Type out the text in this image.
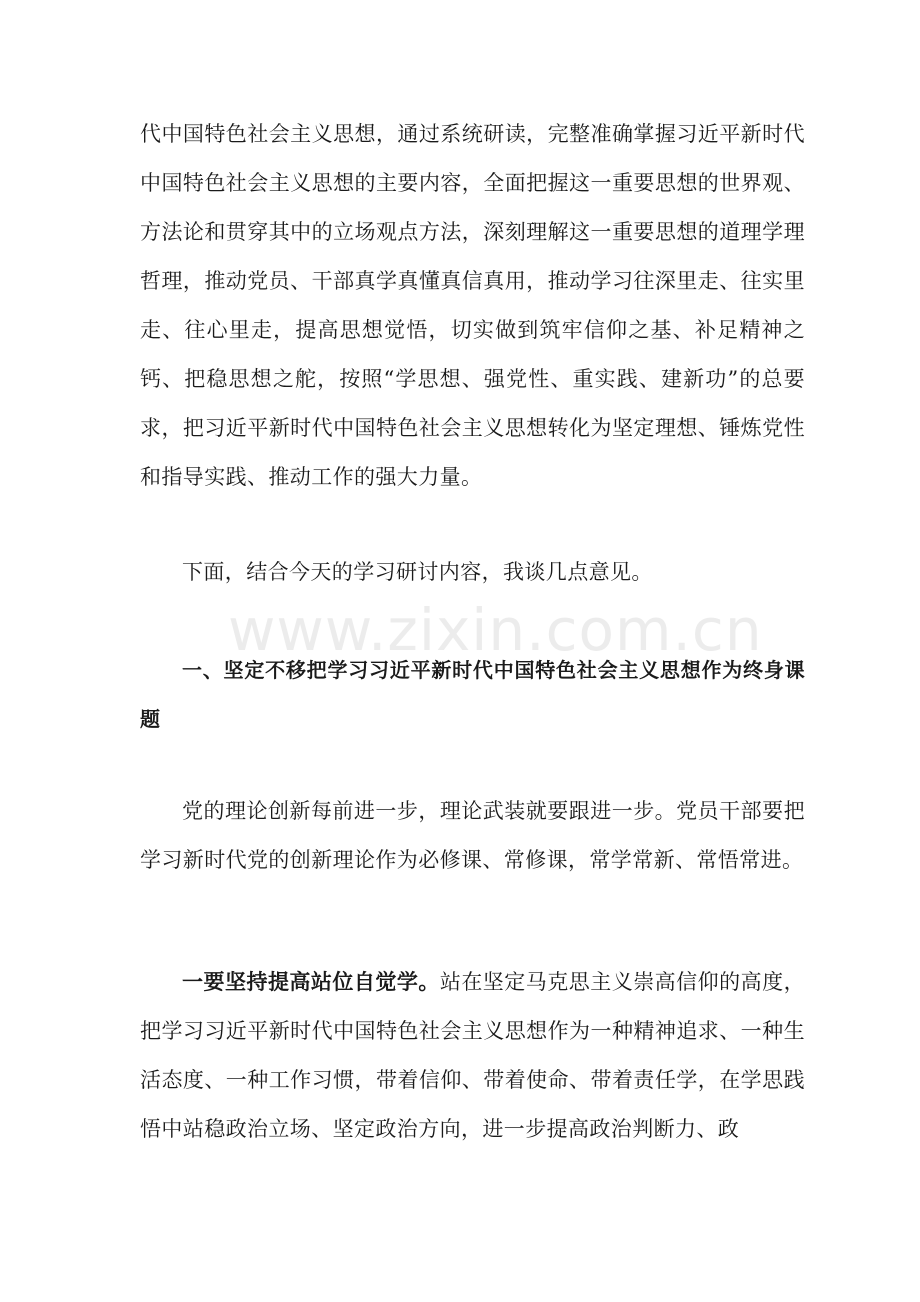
www.zixin.com.cn

代中国特色社会主义思想，通过系统研读，完整准确掌握习近平新时代中国特色社会主义思想的主要内容，全面把握这一重要思想的世界观、方法论和贯穿其中的立场观点方法，深刻理解这一重要思想的道理学理哲理，推动党员、干部真学真懂真信真用，推动学习往深里走、往实里走、往心里走，提高思想觉悟，切实做到筑牢信仰之基、补足精神之钙、把稳思想之舵，按照“学思想、强党性、重实践、建新功”的总要求，把习近平新时代中国特色社会主义思想转化为坚定理想、锤炼党性和指导实践、推动工作的强大力量。

下面，结合今天的学习研讨内容，我谈几点意见。

一、坚定不移把学习习近平新时代中国特色社会主义思想作为终身课题

党的理论创新每前进一步，理论武装就要跟进一步。党员干部要把学习新时代党的创新理论作为必修课、常修课，常学常新、常悟常进。

一要坚持提高站位自觉学。站在坚定马克思主义崇高信仰的高度，把学习习近平新时代中国特色社会主义思想作为一种精神追求、一种生活态度、一种工作习惯，带着信仰、带着使命、带着责任学，在学思践悟中站稳政治立场、坚定政治方向，进一步提高政治判断力、政
